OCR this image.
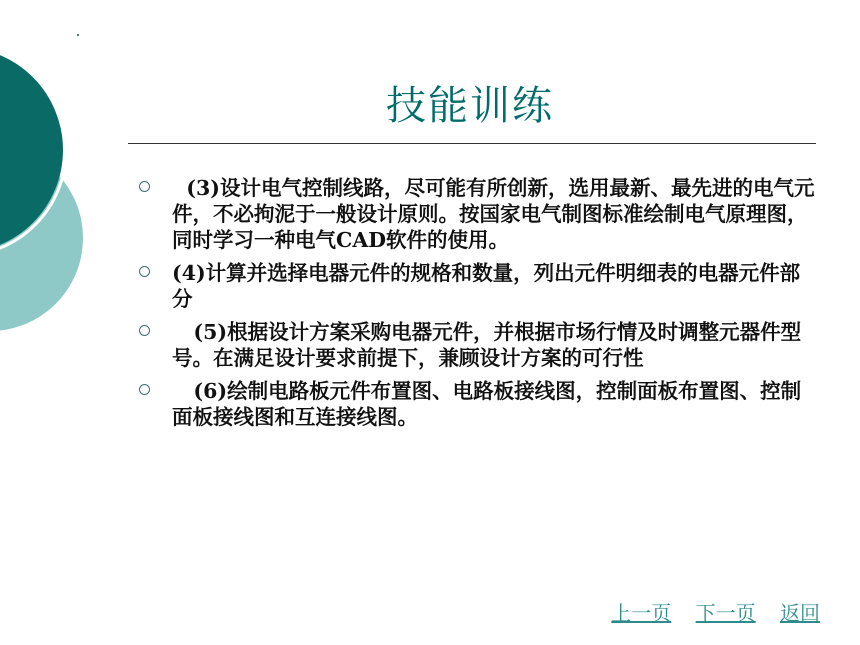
技能训练
(3)设计电气控制线路，尽可能有所创新，选用最新、最先进的电气元件，不必拘泥于一般设计原则。按国家电气制图标准绘制电气原理图，同时学习一种电气CAD软件的使用。
(4)计算并选择电器元件的规格和数量，列出元件明细表的电器元件部分
(5)根据设计方案采购电器元件，并根据市场行情及时调整元器件型号。在满足设计要求前提下，兼顾设计方案的可行性
(6)绘制电路板元件布置图、电路板接线图，控制面板布置图、控制面板接线图和互连接线图。
上一页 下一页 返回
